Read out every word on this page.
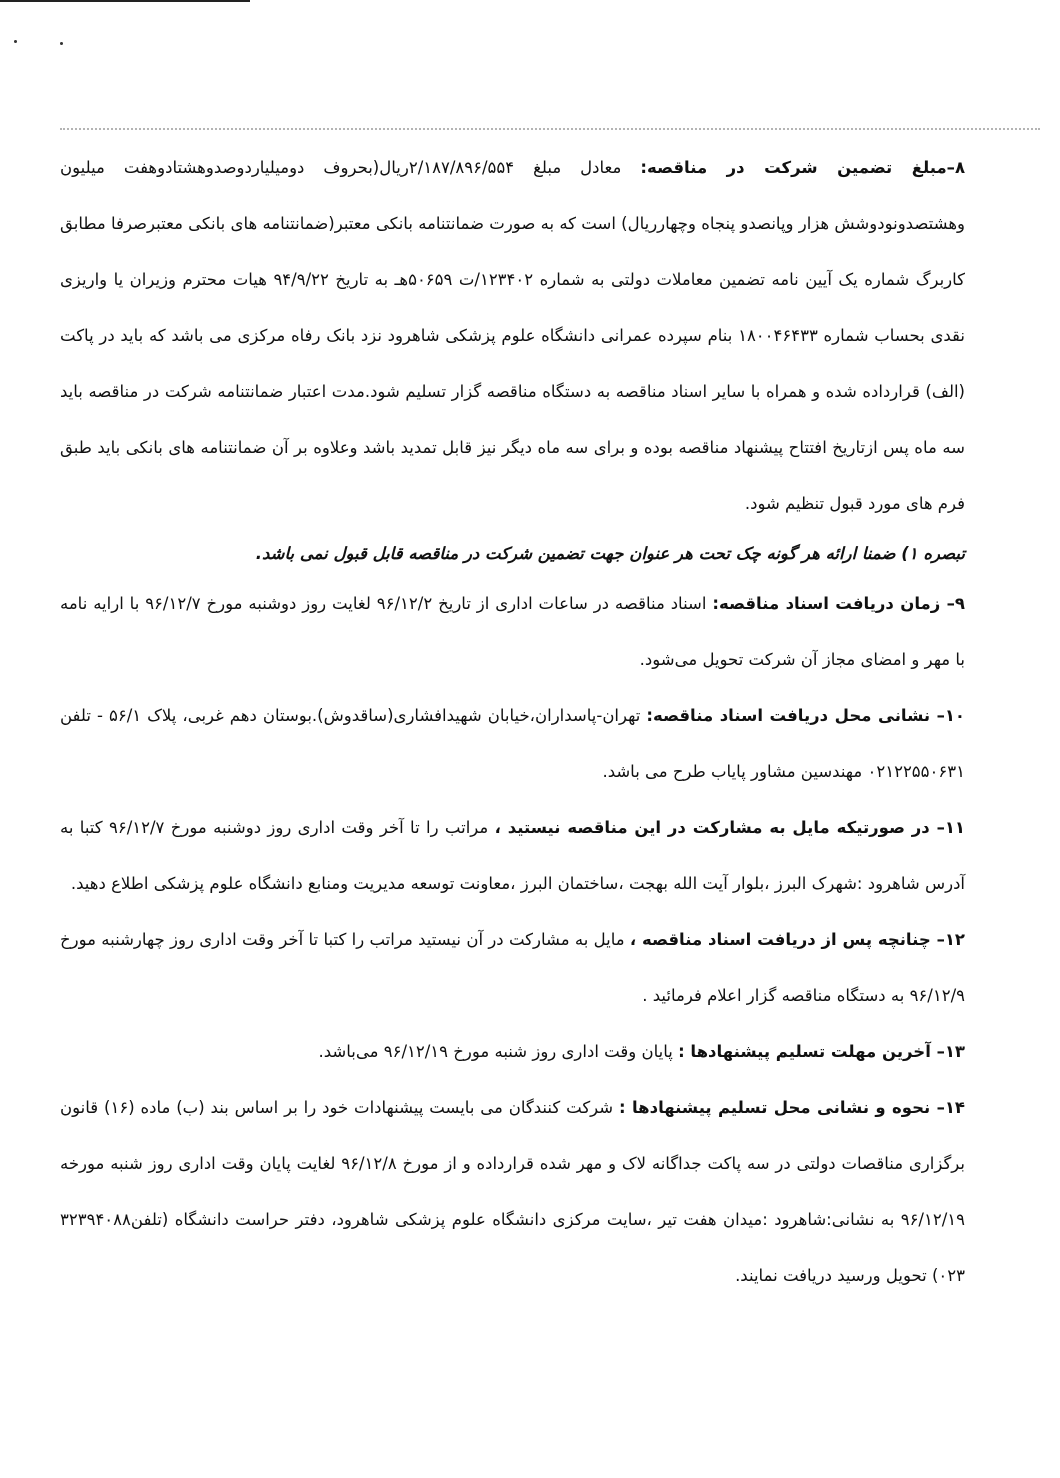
۸–مبلغ تضمین شرکت در مناقصه: معادل مبلغ ۲/۱۸۷/۸۹۶/۵۵۴ریال(بحروف دومیلیاردوصدوهشتادوهفت میلیون وهشتصدونودوشش هزار وپانصدو پنجاه وچهارریال) است که به صورت ضمانتنامه بانکی معتبر(ضمانتنامه های بانکی معتبرصرفا مطابق کاربرگ شماره یک آیین نامه تضمین معاملات دولتی به شماره ۱۲۳۴۰۲/ت ۵۰۶۵۹هـ به تاریخ ۹۴/۹/۲۲ هیات محترم وزیران یا واریزی نقدی بحساب شماره ۱۸۰۰۴۶۴۳۳ بنام سپرده عمرانی دانشگاه علوم پزشکی شاهرود نزد بانک رفاه مرکزی می باشد که باید در پاکت (الف) قرارداده شده و همراه با سایر اسناد مناقصه به دستگاه مناقصه گزار تسلیم شود.مدت اعتبار ضمانتنامه شرکت در مناقصه باید سه ماه پس ازتاریخ افتتاح پیشنهاد مناقصه بوده و برای سه ماه دیگر نیز قابل تمدید باشد وعلاوه بر آن ضمانتنامه های بانکی باید طبق فرم های مورد قبول تنظیم شود.

تبصره ۱) ضمنا ارائه هر گونه چک تحت هر عنوان جهت تضمین شرکت در مناقصه قابل قبول نمی باشد.

۹– زمان دریافت اسناد مناقصه: اسناد مناقصه در ساعات اداری از تاریخ ۹۶/۱۲/۲ لغایت روز دوشنبه مورخ ۹۶/۱۲/۷ با ارایه نامه با مهر و امضای مجاز آن شرکت تحویل می‌شود.

۱۰– نشانی محل دریافت اسناد مناقصه: تهران-پاسداران،خیابان شهیدافشاری(ساقدوش).بوستان دهم غربی، پلاک ۵۶/۱ - تلفن ۰۲۱۲۲۵۵۰۶۳۱ مهندسین مشاور پایاب طرح می باشد.

۱۱– در صورتیکه مایل به مشارکت در این مناقصه نیستید ، مراتب را تا آخر وقت اداری روز دوشنبه مورخ ۹۶/۱۲/۷ کتبا به آدرس شاهرود :شهرک البرز ،بلوار آیت الله بهجت ،ساختمان البرز ،معاونت توسعه مدیریت ومنابع دانشگاه علوم پزشکی اطلاع دهید.

۱۲– چنانچه پس از دریافت اسناد مناقصه ، مایل به مشارکت در آن نیستید مراتب را کتبا تا آخر وقت اداری روز چهارشنبه مورخ ۹۶/۱۲/۹ به دستگاه مناقصه گزار اعلام فرمائید .

۱۳– آخرین مهلت تسلیم پیشنهادها : پایان وقت اداری روز شنبه مورخ ۹۶/۱۲/۱۹ می‌باشد.

۱۴– نحوه و نشانی محل تسلیم پیشنهادها : شرکت کنندگان می بایست پیشنهادات خود را بر اساس بند (ب) ماده (۱۶) قانون برگزاری مناقصات دولتی در سه پاکت جداگانه لاک و مهر شده قرارداده و از مورخ ۹۶/۱۲/۸ لغایت پایان وقت اداری روز شنبه مورخه ۹۶/۱۲/۱۹ به نشانی:شاهرود :میدان هفت تیر ،سایت مرکزی دانشگاه علوم پزشکی شاهرود، دفتر حراست دانشگاه (تلفن۳۲۳۹۴۰۸۸ ۰۲۳) تحویل ورسید دریافت نمایند.
